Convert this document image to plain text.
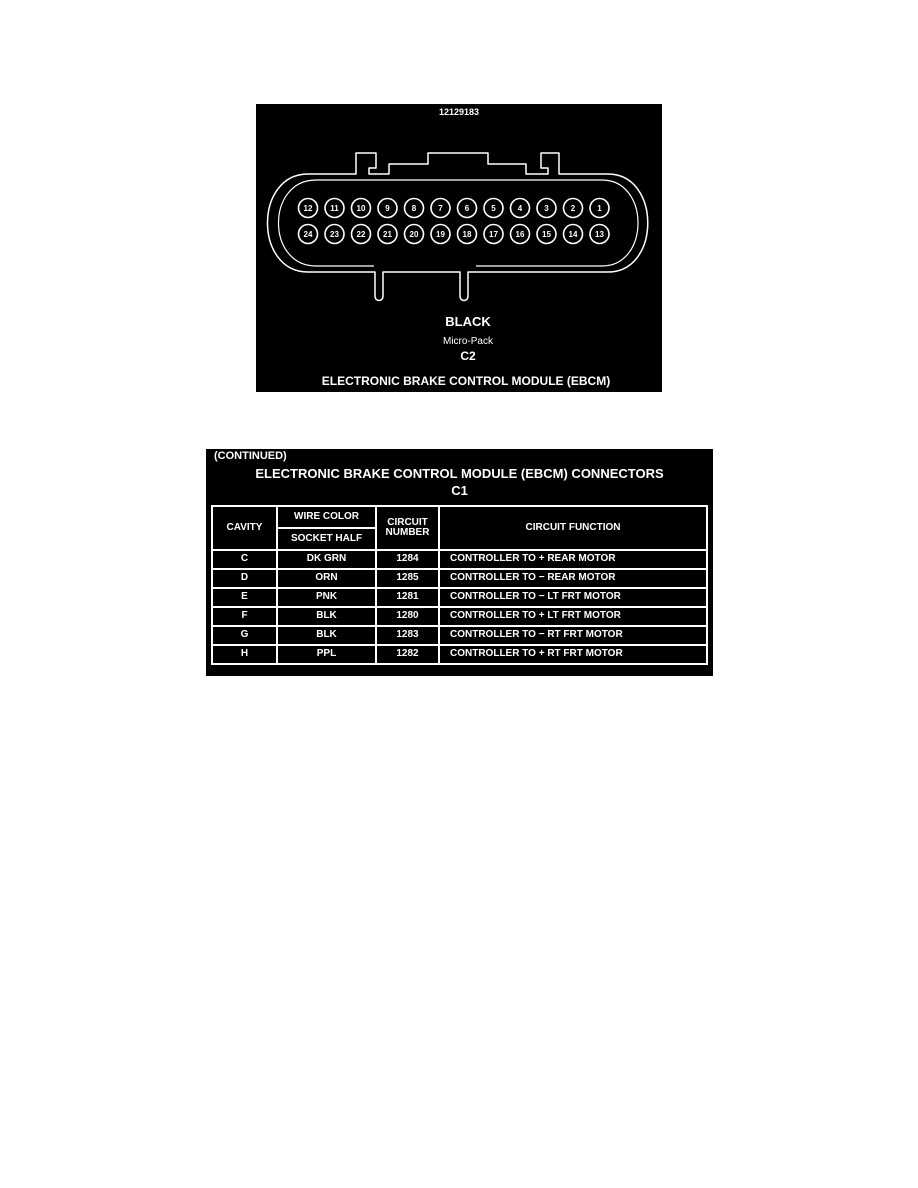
12129183
12 11 10 9	8	7	6	5	4	3	2	1
24 23 22 21 20 19 18 17 16 15 14 13
BLACK
Micro-Pack
C2
ELECTRONIC BRAKE CONTROL MODULE (EBCM)
(CONTINUED)
ELECTRONIC BRAKE CONTROL MODULE (EBCM) CONNECTORS
C1
CAVITY	WIRE COLOR	CIRCUIT NUMBER	CIRCUIT FUNCTION
	SOCKET HALF		
C	DK GRN	1284	CONTROLLER TO + REAR MOTOR
D	ORN	1285	CONTROLLER TO − REAR MOTOR
E	PNK	1281	CONTROLLER TO − LT FRT MOTOR
F	BLK	1280	CONTROLLER TO + LT FRT MOTOR
G	BLK	1283	CONTROLLER TO − RT FRT MOTOR
H	PPL	1282	CONTROLLER TO + RT FRT MOTOR
